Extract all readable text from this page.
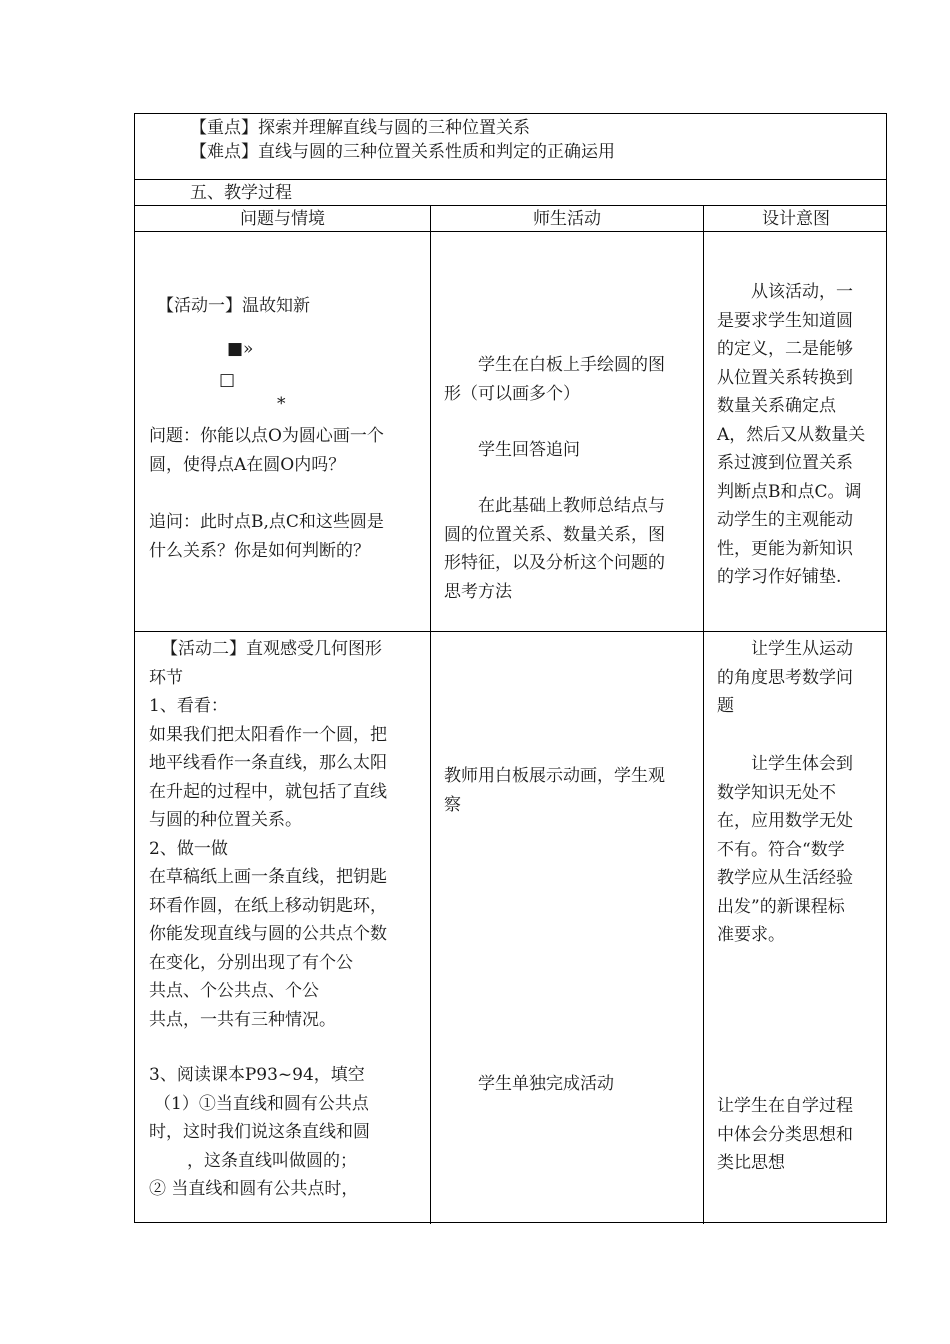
【重点】探索并理解直线与圆的三种位置关系
【难点】直线与圆的三种位置关系性质和判定的正确运用
五、教学过程
问题与情境	师生活动	设计意图
【活动一】温故知新
■»
□
*
问题：你能以点O为圆心画一个
圆，使得点A在圆O内吗？
追问：此时点B,点C和这些圆是
什么关系？你是如何判断的？
学生在白板上手绘圆的图
形（可以画多个）
学生回答追问
在此基础上教师总结点与
圆的位置关系、数量关系，图
形特征，以及分析这个问题的
思考方法
从该活动，一
是要求学生知道圆
的定义，二是能够
从位置关系转换到
数量关系确定点
A，然后又从数量关
系过渡到位置关系
判断点B和点C。调
动学生的主观能动
性，更能为新知识
的学习作好铺垫.
【活动二】直观感受几何图形
环节
1、看看：
如果我们把太阳看作一个圆，把
地平线看作一条直线，那么太阳
在升起的过程中，就包括了直线
与圆的种位置关系。
2、做一做
在草稿纸上画一条直线，把钥匙
环看作圆，在纸上移动钥匙环，
你能发现直线与圆的公共点个数
在变化，分别出现了有个公
共点、个公共点、个公
共点，一共有三种情况。
3、阅读课本P93~94，填空
（1）①当直线和圆有公共点
时，这时我们说这条直线和圆
，这条直线叫做圆的；
② 当直线和圆有公共点时，
教师用白板展示动画，学生观
察
学生单独完成活动
让学生从运动
的角度思考数学问
题
让学生体会到
数学知识无处不
在，应用数学无处
不有。符合“数学
教学应从生活经验
出发”的新课程标
准要求。
让学生在自学过程
中体会分类思想和
类比思想
